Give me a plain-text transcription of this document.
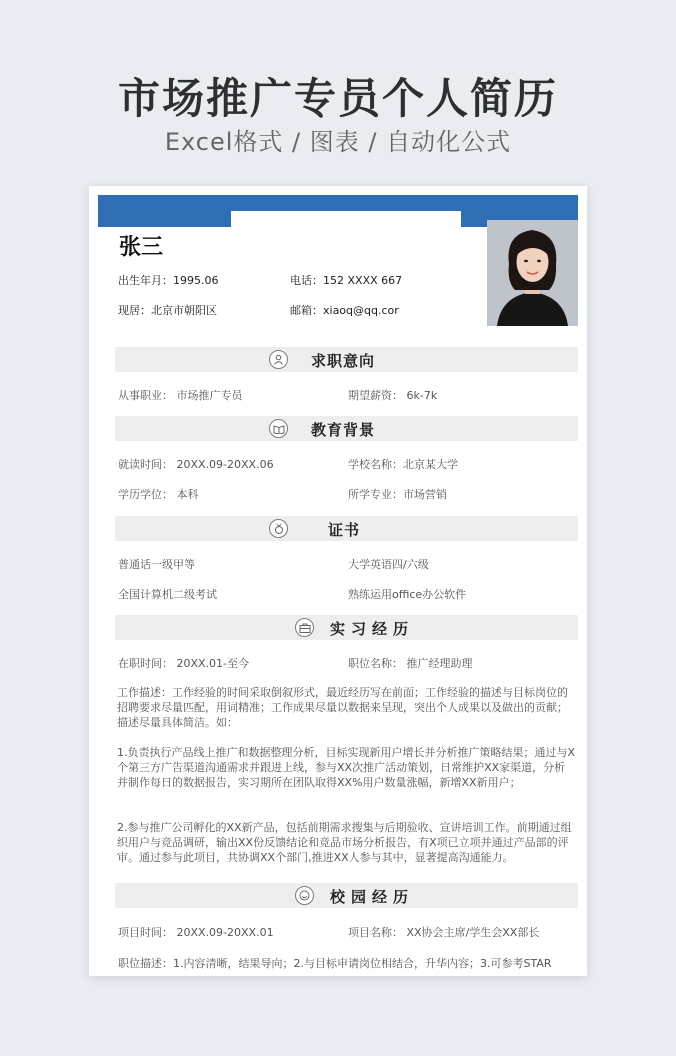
市场推广专员个人简历
Excel格式 / 图表 / 自动化公式
张三
出生年月：1995.06	电话：152 XXXX 667
现居：北京市朝阳区	邮箱：xiaoq@qq.cor
求职意向
从事职业： 市场推广专员	期望薪资： 6k-7k
教育背景
就读时间： 20XX.09-20XX.06	学校名称：北京某大学
学历学位： 本科	所学专业：市场营销
证书
普通话一级甲等	大学英语四/六级
全国计算机二级考试	熟练运用office办公软件
实习经历
在职时间： 20XX.01-至今	职位名称： 推广经理助理
工作描述：工作经验的时间采取倒叙形式，最近经历写在前面；工作经验的描述与目标岗位的招聘要求尽量匹配，用词精准；工作成果尽量以数据来呈现，突出个人成果以及做出的贡献；描述尽量具体简洁。如：
1.负责执行产品线上推广和数据整理分析，目标实现新用户增长并分析推广策略结果；通过与X个第三方广告渠道沟通需求并跟进上线，参与XX次推广活动策划，日常维护XX家渠道，分析并制作每日的数据报告，实习期所在团队取得XX%用户数量涨幅，新增XX新用户；
2.参与推广公司孵化的XX新产品，包括前期需求搜集与后期验收、宣讲培训工作。前期通过组织用户与竞品调研，输出XX份反馈结论和竞品市场分析报告，有X项已立项并通过产品部的评审。通过参与此项目，共协调XX个部门,推进XX人参与其中，显著提高沟通能力。
校园经历
项目时间： 20XX.09-20XX.01	项目名称： XX协会主席/学生会XX部长
职位描述：1.内容清晰，结果导向；2.与目标申请岗位相结合，升华内容；3.可参考STAR
